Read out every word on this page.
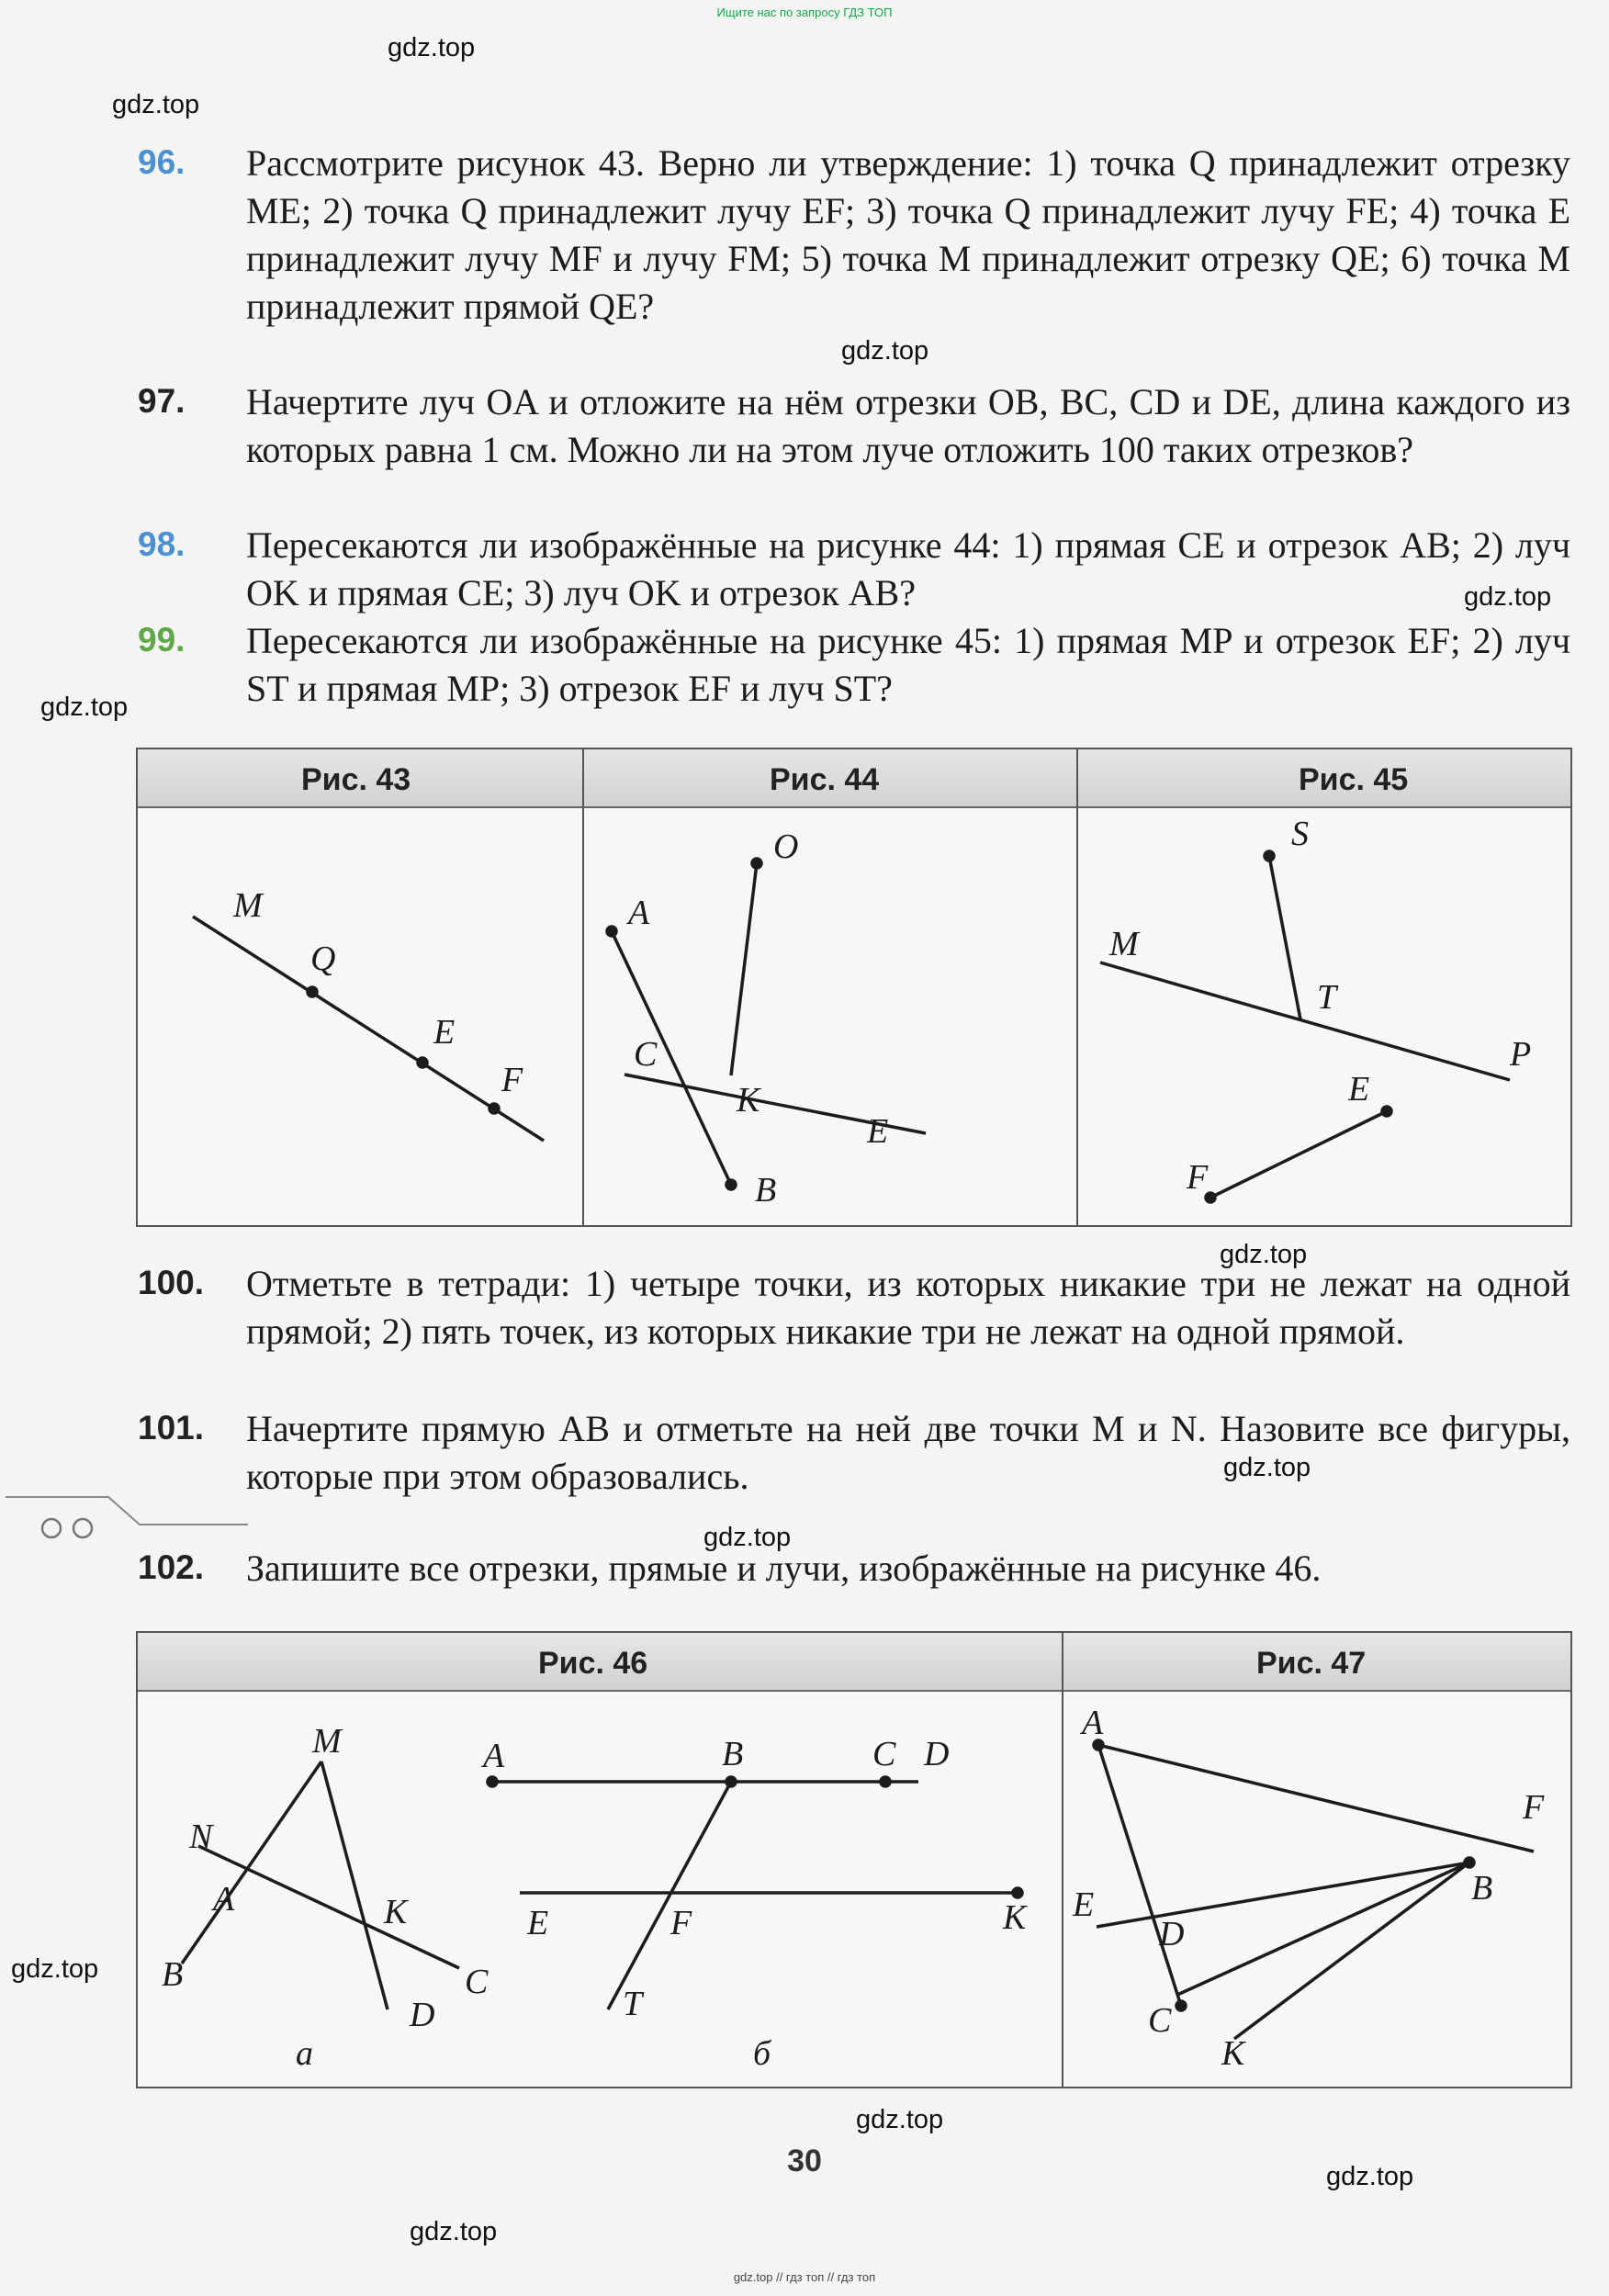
Ищите нас по запросу ГДЗ ТОП
gdz.top
gdz.top
gdz.top
gdz.top
gdz.top
gdz.top
gdz.top
gdz.top
gdz.top
gdz.top
gdz.top
gdz.top
96. Рассмотрите рисунок 43. Верно ли утверждение: 1) точка Q принадлежит отрезку ME; 2) точка Q принадлежит лучу EF; 3) точка Q принадлежит лучу FE; 4) точка E принадлежит лучу MF и лучу FM; 5) точка M принадлежит отрезку QE; 6) точка M принадлежит прямой QE?
97. Начертите луч OA и отложите на нём отрезки OB, BC, CD и DE, длина каждого из которых равна 1 см. Можно ли на этом луче отложить 100 таких отрезков?
98. Пересекаются ли изображённые на рисунке 44: 1) прямая CE и отрезок AB; 2) луч OK и прямая CE; 3) луч OK и отрезок AB?
99. Пересекаются ли изображённые на рисунке 45: 1) прямая MP и отрезок EF; 2) луч ST и прямая MP; 3) отрезок EF и луч ST?
Рис. 43	Рис. 44	Рис. 45
M
Q
E
F
A
B
O
K
C
E
S
T
M
P
E
F
100. Отметьте в тетради: 1) четыре точки, из которых никакие три не лежат на одной прямой; 2) пять точек, из которых никакие три не лежат на одной прямой.
101. Начертите прямую AB и отметьте на ней две точки M и N. Назовите все фигуры, которые при этом образовались.
102. Запишите все отрезки, прямые и лучи, изображённые на рисунке 46.
Рис. 46	Рис. 47
M
N
A	K
B	C
D
а
A	B	C D
E	F	K
T
б
A
F
B
E
D
C
K
30
gdz.top // гдз топ // гдз топ
